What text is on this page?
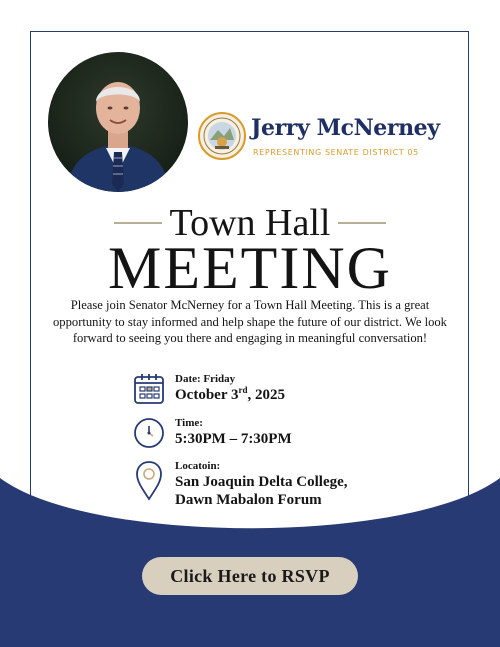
Jerry McNerney
REPRESENTING SENATE DISTRICT 05
Town Hall
MEETING
Please join Senator McNerney for a Town Hall Meeting. This is a great opportunity to stay informed and help shape the future of our district. We look forward to seeing you there and engaging in meaningful conversation!
Date: Friday
October 3rd, 2025
Time:
5:30PM – 7:30PM
Locatoin:
San Joaquin Delta College,
Dawn Mabalon Forum
Click Here to RSVP
